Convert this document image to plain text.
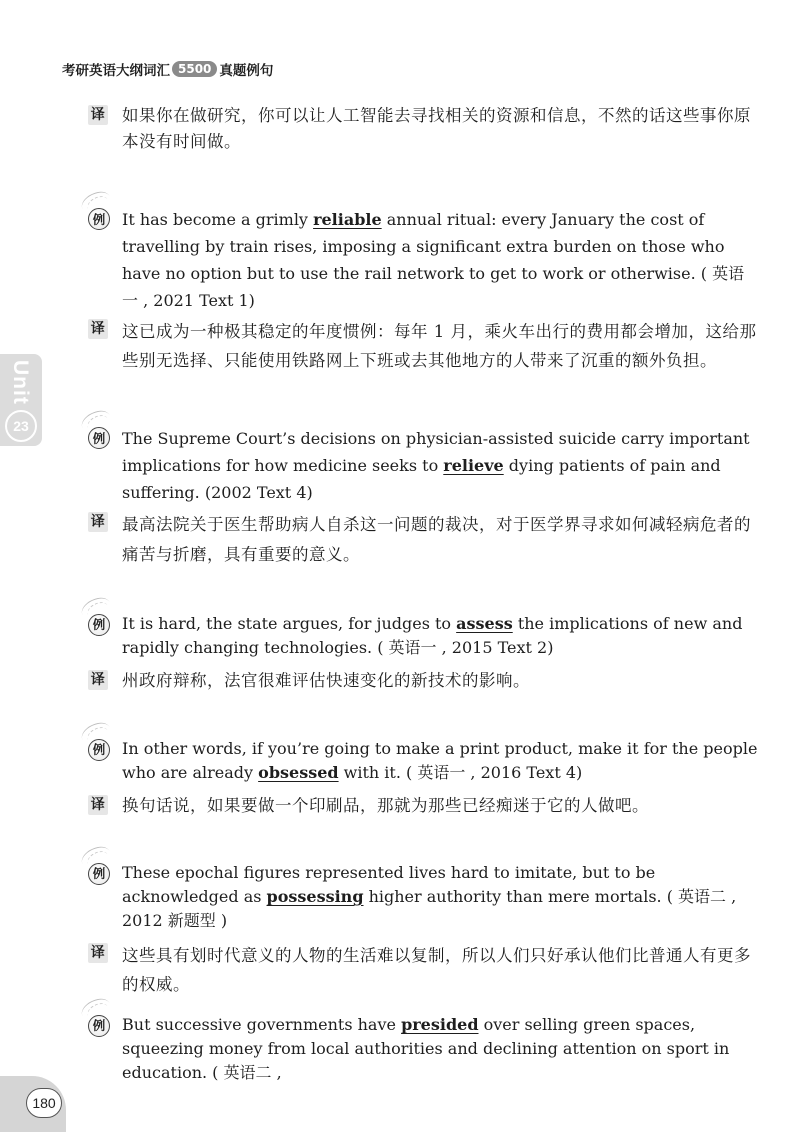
考研英语大纲词汇 5500 真题例句
Unit
23
译 如果你在做研究，你可以让人工智能去寻找相关的资源和信息，不然的话这些事你原本没有时间做。
例 It has become a grimly reliable annual ritual: every January the cost of travelling by train rises, imposing a significant extra burden on those who have no option but to use the rail network to get to work or otherwise. ( 英语一 , 2021 Text 1)
译 这已成为一种极其稳定的年度惯例：每年 1 月，乘火车出行的费用都会增加，这给那些别无选择、只能使用铁路网上下班或去其他地方的人带来了沉重的额外负担。
例 The Supreme Court’s decisions on physician-assisted suicide carry important implications for how medicine seeks to relieve dying patients of pain and suffering. (2002 Text 4)
译 最高法院关于医生帮助病人自杀这一问题的裁决，对于医学界寻求如何减轻病危者的痛苦与折磨，具有重要的意义。
例 It is hard, the state argues, for judges to assess the implications of new and rapidly changing technologies. ( 英语一 , 2015 Text 2)
译 州政府辩称，法官很难评估快速变化的新技术的影响。
例 In other words, if you’re going to make a print product, make it for the people who are already obsessed with it. ( 英语一 , 2016 Text 4)
译 换句话说，如果要做一个印刷品，那就为那些已经痴迷于它的人做吧。
例 These epochal figures represented lives hard to imitate, but to be acknowledged as possessing higher authority than mere mortals. ( 英语二 , 2012 新题型 )
译 这些具有划时代意义的人物的生活难以复制，所以人们只好承认他们比普通人有更多的权威。
例 But successive governments have presided over selling green spaces, squeezing money from local authorities and declining attention on sport in education. ( 英语二 ,
180
